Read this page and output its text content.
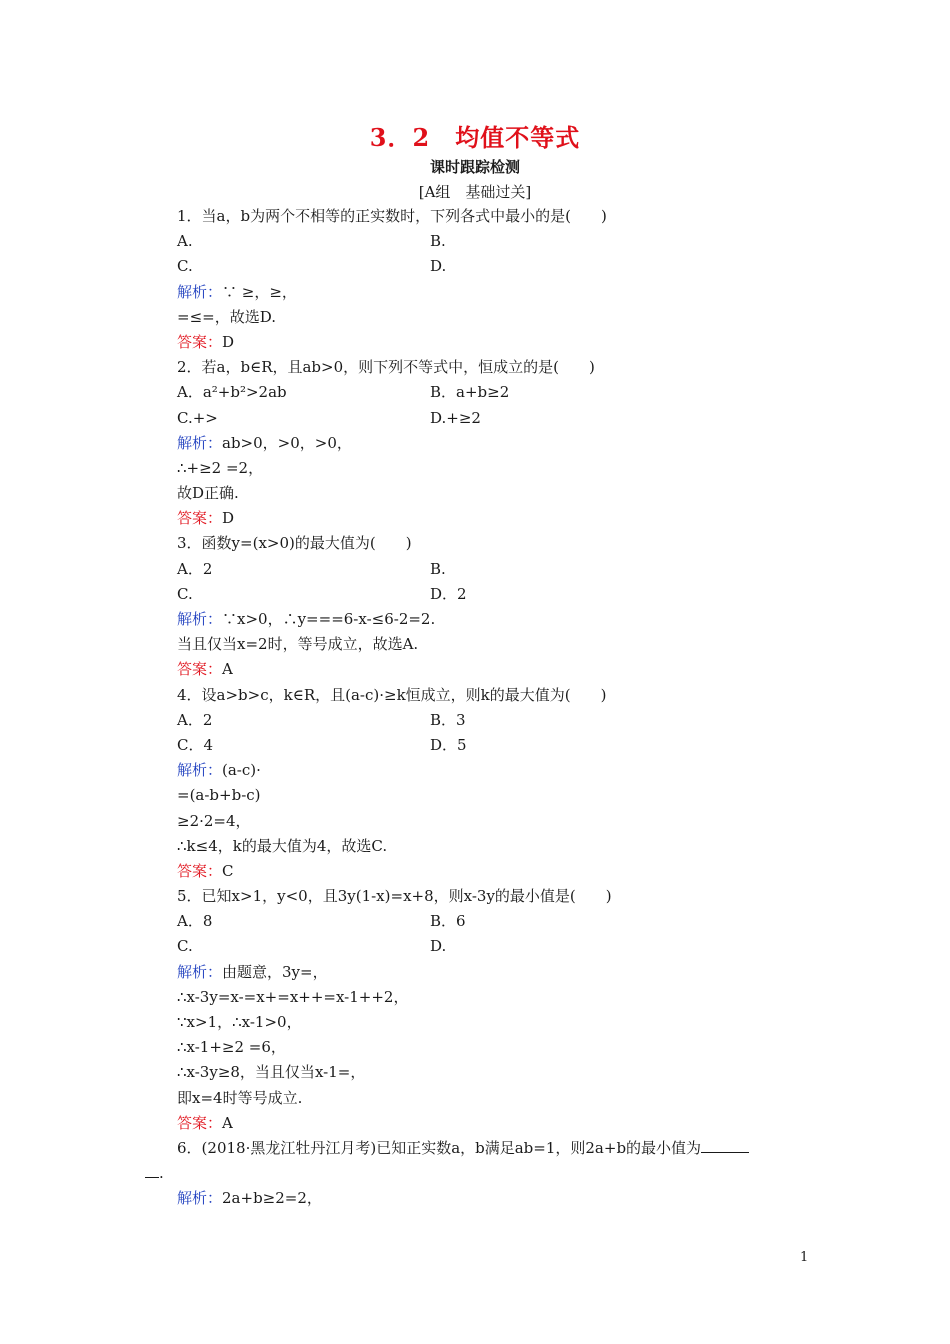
3．2　均值不等式
课时跟踪检测
[A组　基础过关]
1．当a，b为两个不相等的正实数时，下列各式中最小的是(　　)
A.	B.
C.	D.
解析：∵ ≥，≥，
=≤=，故选D.
答案：D
2．若a，b∈R，且ab>0，则下列不等式中，恒成立的是(　　)
A．a²+b²>2ab	B．a+b≥2
C.+>	D.+≥2
解析：ab>0，>0，>0，
∴+≥2 =2，
故D正确.
答案：D
3．函数y=(x>0)的最大值为(　　)
A．2	B.
C.	D．2
解析：∵x>0，∴y===6-x-≤6-2=2.
当且仅当x=2时，等号成立，故选A.
答案：A
4．设a>b>c，k∈R，且(a-c)·≥k恒成立，则k的最大值为(　　)
A．2	B．3
C．4	D．5
解析：(a-c)·
=(a-b+b-c)
≥2·2=4，
∴k≤4，k的最大值为4，故选C.
答案：C
5．已知x>1，y<0，且3y(1-x)=x+8，则x-3y的最小值是(　　)
A．8	B．6
C.	D.
解析：由题意，3y=，
∴x-3y=x-=x+=x++=x-1++2，
∵x>1，∴x-1>0，
∴x-1+≥2 =6，
∴x-3y≥8，当且仅当x-1=，
即x=4时等号成立.
答案：A
6．(2018·黑龙江牡丹江月考)已知正实数a，b满足ab=1，则2a+b的最小值为
.
解析：2a+b≥2=2，
1
